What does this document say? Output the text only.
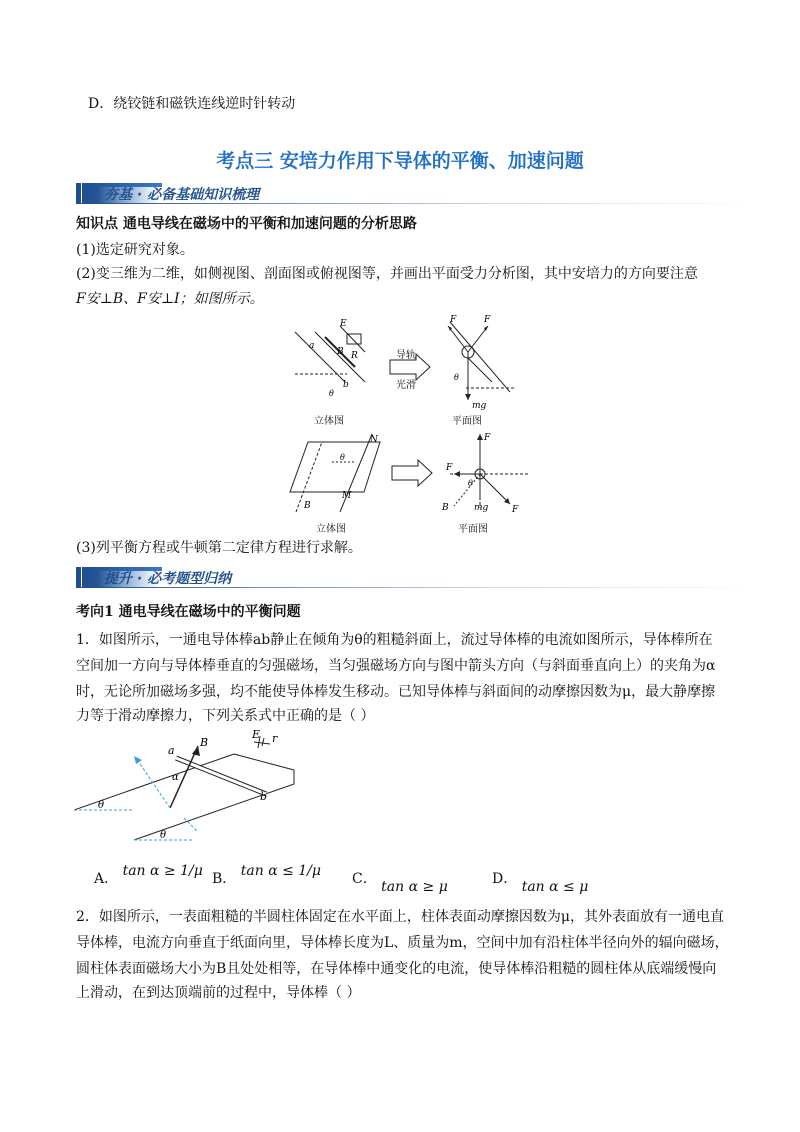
D．绕铰链和磁铁连线逆时针转动
考点三 安培力作用下导体的平衡、加速问题
夯基 · 必备基础知识梳理
知识点 通电导线在磁场中的平衡和加速问题的分析思路
(1)选定研究对象。
(2)变三维为二维，如侧视图、剖面图或俯视图等，并画出平面受力分析图，其中安培力的方向要注意
F安⊥B、F安⊥I；如图所示。
E
a
B R
b
θ
立体图
导轨
光滑
F	F
θ
mg
平面图
N
M
B
θ
立体图
F
F
F
θ
mg
B
平面图
(3)列平衡方程或牛顿第二定律方程进行求解。
提升 · 必考题型归纳
考向1 通电导线在磁场中的平衡问题
1．如图所示，一通电导体棒ab静止在倾角为θ的粗糙斜面上，流过导体棒的电流如图所示，导体棒所在
空间加一方向与导体棒垂直的匀强磁场，当匀强磁场方向与图中箭头方向（与斜面垂直向上）的夹角为α
时，无论所加磁场多强，均不能使导体棒发生移动。已知导体棒与斜面间的动摩擦因数为μ，最大静摩擦
力等于滑动摩擦力，下列关系式中正确的是（ ）
a
B
E r
b
α
θ
θ
A． tan α ≥ 1/μ B． tan α ≤ 1/μ C． tan α ≥ μ	D． tan α ≤ μ
2．如图所示，一表面粗糙的半圆柱体固定在水平面上，柱体表面动摩擦因数为μ，其外表面放有一通电直
导体棒，电流方向垂直于纸面向里，导体棒长度为L、质量为m，空间中加有沿柱体半径向外的辐向磁场，
圆柱体表面磁场大小为B且处处相等，在导体棒中通变化的电流，使导体棒沿粗糙的圆柱体从底端缓慢向
上滑动，在到达顶端前的过程中，导体棒（ ）
